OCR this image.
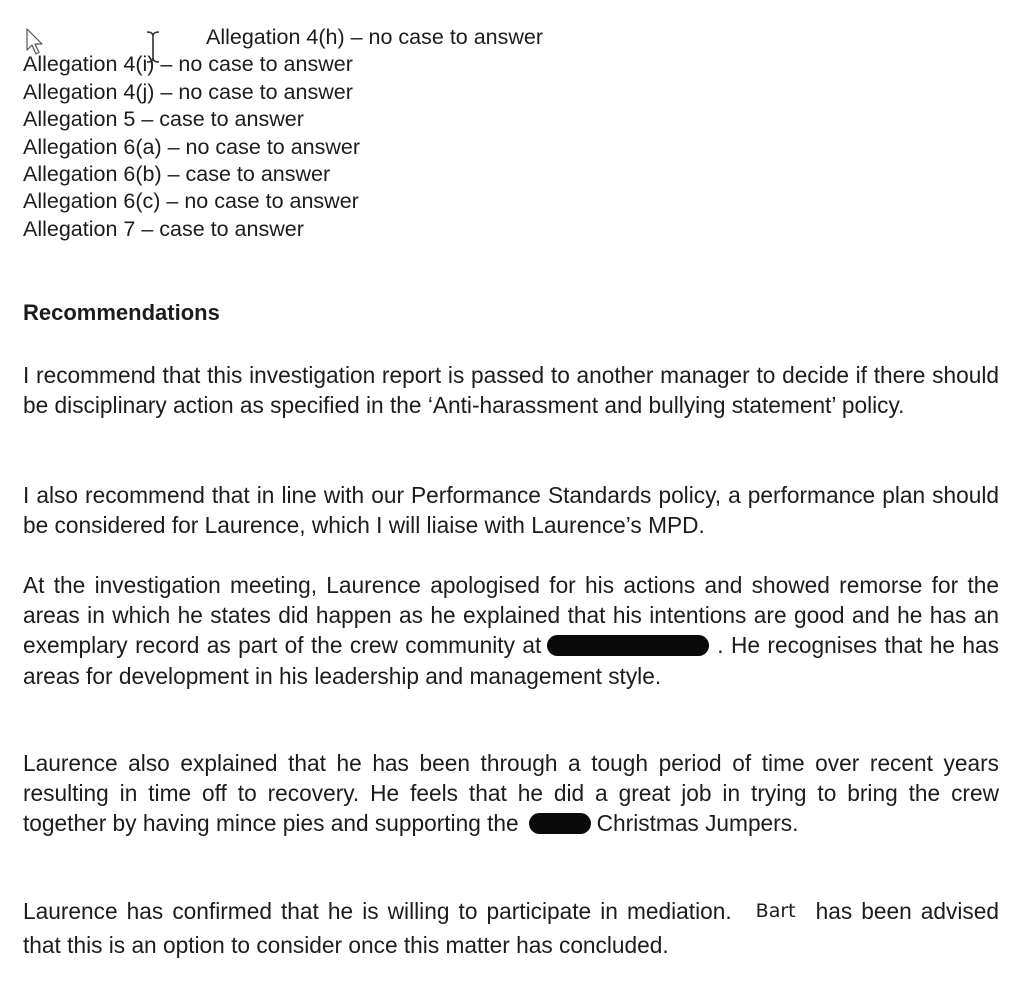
Allegation 4(h) – no case to answer
Allegation 4(i) – no case to answer
Allegation 4(j) – no case to answer
Allegation 5 – case to answer
Allegation 6(a) – no case to answer
Allegation 6(b) – case to answer
Allegation 6(c) – no case to answer
Allegation 7 – case to answer
Recommendations
I recommend that this investigation report is passed to another manager to decide if there should be disciplinary action as specified in the ‘Anti-harassment and bullying statement’ policy.
I also recommend that in line with our Performance Standards policy, a performance plan should be considered for Laurence, which I will liaise with Laurence’s MPD.
At the investigation meeting, Laurence apologised for his actions and showed remorse for the areas in which he states did happen as he explained that his intentions are good and he has an exemplary record as part of the crew community at	. He recognises that he has areas for development in his leadership and management style.
Laurence also explained that he has been through a tough period of time over recent years resulting in time off to recovery. He feels that he did a great job in trying to bring the crew together by having mince pies and supporting the	Christmas Jumpers.
Laurence has confirmed that he is willing to participate in mediation. Bart has been advised that this is an option to consider once this matter has concluded.
